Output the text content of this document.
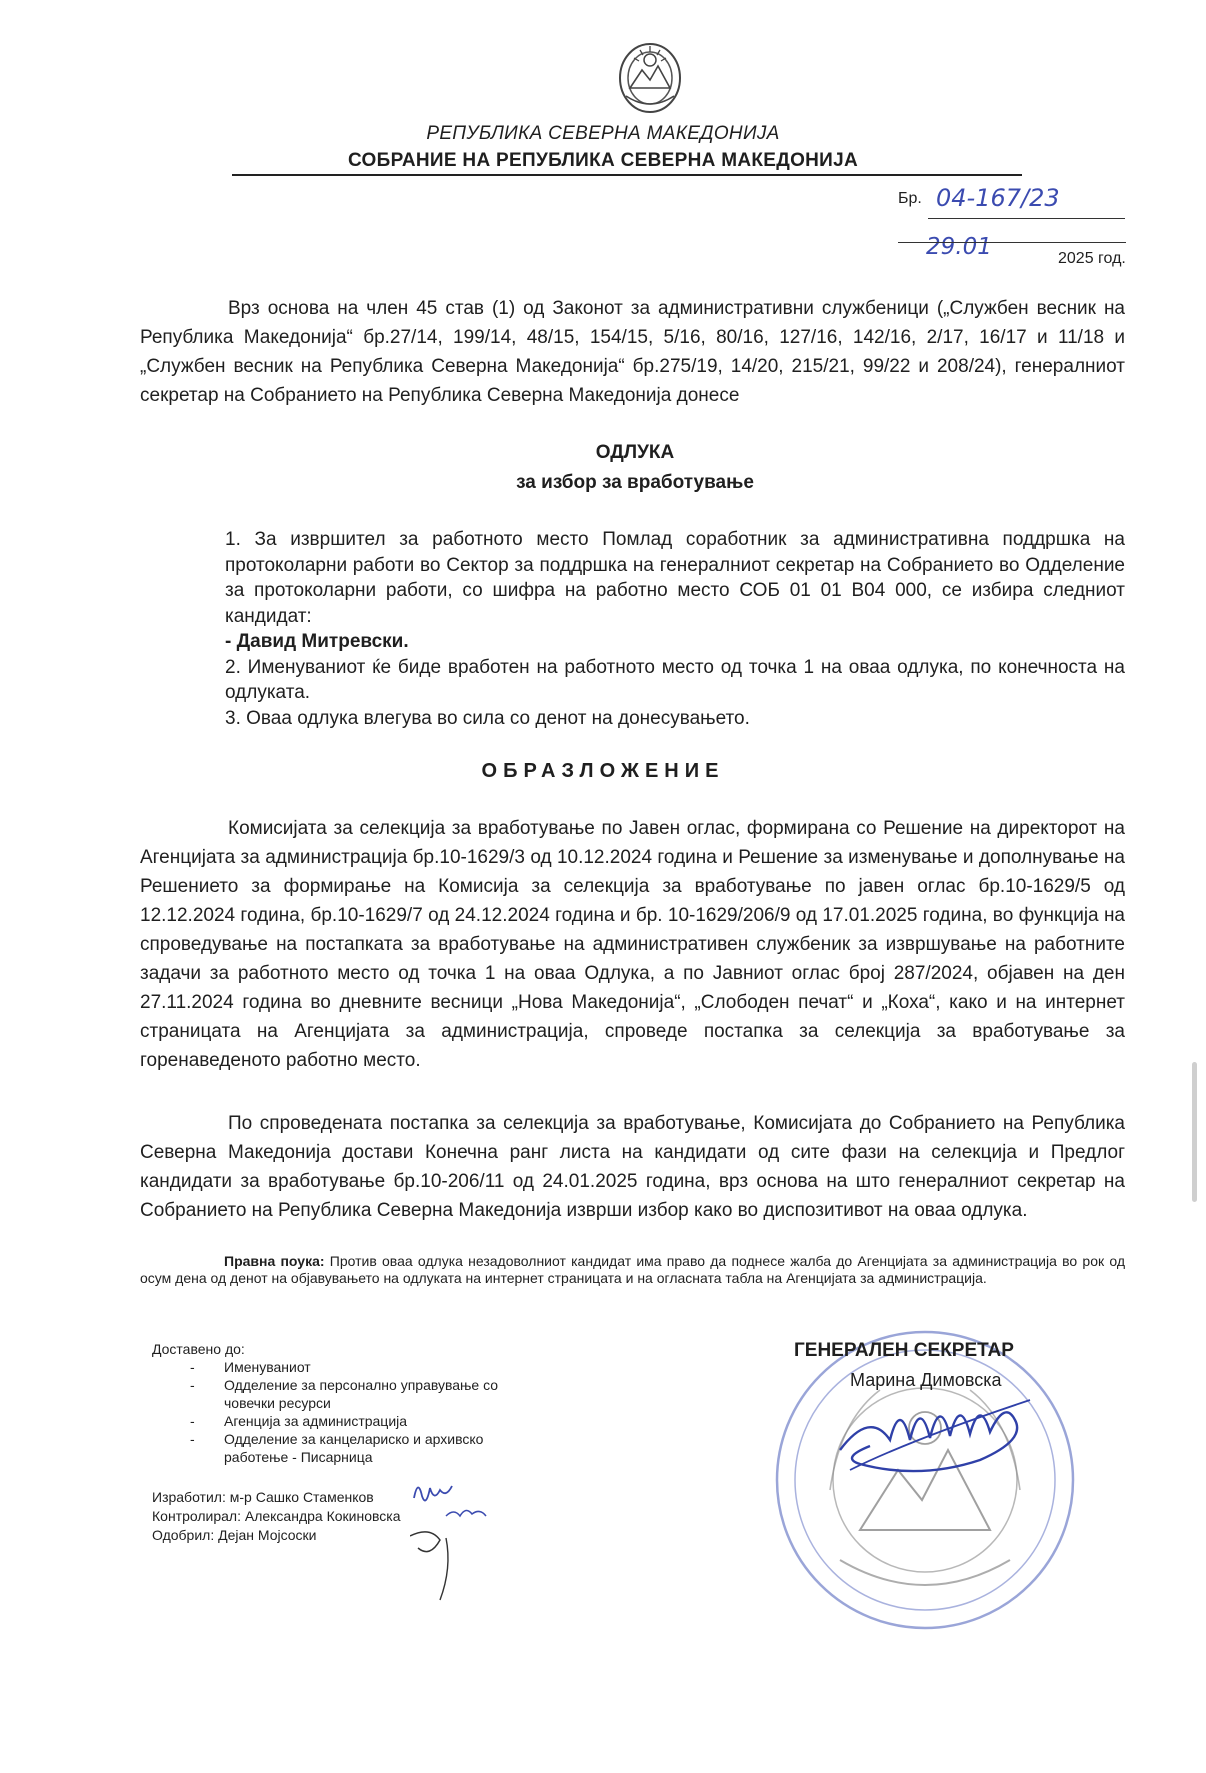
РЕПУБЛИКА СЕВЕРНА МАКЕДОНИЈА
СОБРАНИЕ НА РЕПУБЛИКА СЕВЕРНА МАКЕДОНИЈА
Бр. 04-167/23
29.01	2025 год.
Врз основа на член 45 став (1) од Законот за административни службеници („Службен весник на Република Македонија“ бр.27/14, 199/14, 48/15, 154/15, 5/16, 80/16, 127/16, 142/16, 2/17, 16/17 и 11/18 и „Службен весник на Република Северна Македонија“ бр.275/19, 14/20, 215/21, 99/22 и 208/24), генералниот секретар на Собранието на Република Северна Македонија донесе
ОДЛУКА
за избор за вработување

1. За извршител за работното место Помлад соработник за административна поддршка на протоколарни работи во Сектор за поддршка на генералниот секретар на Собранието во Одделение за протоколарни работи, со шифра на работно место СОБ 01 01 В04 000, се избира следниот кандидат:

- Давид Митревски.

2. Именуваниот ќе биде вработен на работното место од точка 1 на оваа одлука, по конечноста на одлуката.

3. Оваа одлука влегува во сила со денот на донесувањето.

ОБРАЗЛОЖЕНИЕ
Комисијата за селекција за вработување по Јавен оглас, формирана со Решение на директорот на Агенцијата за администрација бр.10-1629/3 од 10.12.2024 година и Решение за изменување и дополнување на Решението за формирање на Комисија за селекција за вработување по јавен оглас бр.10-1629/5 од 12.12.2024 година, бр.10-1629/7 од 24.12.2024 година и бр. 10-1629/206/9 од 17.01.2025 година, во функција на спроведување на постапката за вработување на административен службеник за извршување на работните задачи за работното место од точка 1 на оваа Одлука, а по Јавниот оглас број 287/2024, објавен на ден 27.11.2024 година во дневните весници „Нова Македонија“, „Слободен печат“ и „Коха“, како и на интернет страницата на Агенцијата за администрација, спроведе постапка за селекција за вработување за горенаведеното работно место.
По спроведената постапка за селекција за вработување, Комисијата до Собранието на Република Северна Македонија достави Конечна ранг листа на кандидати од сите фази на селекција и Предлог кандидати за вработување бр.10-206/11 од 24.01.2025 година, врз основа на што генералниот секретар на Собранието на Република Северна Македонија изврши избор како во диспозитивот на оваа одлука.
Правна поука: Против оваа одлука незадоволниот кандидат има право да поднесе жалба до Агенцијата за администрација во рок од осум дена од денот на објавувањето на одлуката на интернет страницата и на огласната табла на Агенцијата за администрација.
Доставено до:
- Именуваниот
- Одделение за персонално управување со човечки ресурси
- Агенција за администрација
- Одделение за канцелариско и архивско работење - Писарница
Изработил: м-р Сашко Стаменков
Контролирал: Александра Кокиновска
Одобрил: Дејан Мојсоски
ГЕНЕРАЛЕН СЕКРЕТАР
Марина Димовска
